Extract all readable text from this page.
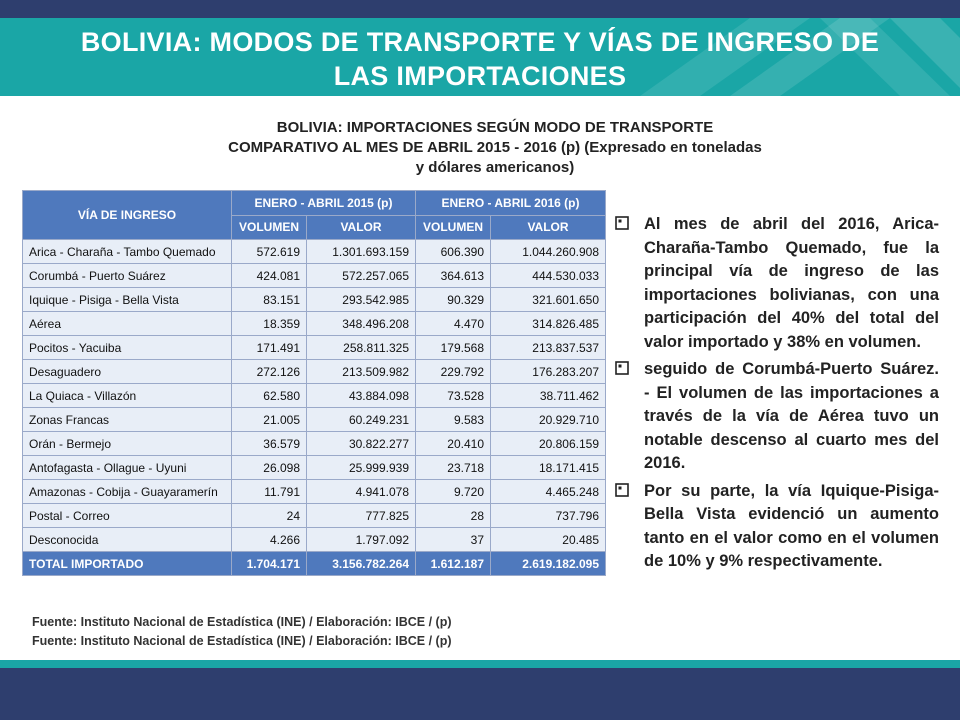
BOLIVIA: MODOS DE TRANSPORTE Y VÍAS DE INGRESO DE
LAS IMPORTACIONES
BOLIVIA: IMPORTACIONES SEGÚN MODO DE TRANSPORTE
COMPARATIVO AL MES DE ABRIL 2015 - 2016 (p) (Expresado en toneladas
y dólares americanos)
VÍA DE INGRESO	ENERO - ABRIL 2015 (p)		ENERO - ABRIL 2016 (p)	
	VOLUMEN	VALOR	VOLUMEN	VALOR
Arica - Charaña - Tambo Quemado	572.619	1.301.693.159	606.390	1.044.260.908
Corumbá - Puerto Suárez	424.081	572.257.065	364.613	444.530.033
Iquique - Pisiga - Bella Vista	83.151	293.542.985	90.329	321.601.650
Aérea	18.359	348.496.208	4.470	314.826.485
Pocitos - Yacuiba	171.491	258.811.325	179.568	213.837.537
Desaguadero	272.126	213.509.982	229.792	176.283.207
La Quiaca - Villazón	62.580	43.884.098	73.528	38.711.462
Zonas Francas	21.005	60.249.231	9.583	20.929.710
Orán - Bermejo	36.579	30.822.277	20.410	20.806.159
Antofagasta - Ollague - Uyuni	26.098	25.999.939	23.718	18.171.415
Amazonas - Cobija - Guayaramerín	11.791	4.941.078	9.720	4.465.248
Postal - Correo	24	777.825	28	737.796
Desconocida	4.266	1.797.092	37	20.485
TOTAL IMPORTADO	1.704.171	3.156.782.264	1.612.187	2.619.182.095
Fuente: Instituto Nacional de Estadística (INE) / Elaboración: IBCE / (p)
Fuente: Instituto Nacional de Estadística (INE) / Elaboración: IBCE / (p)
Al mes de abril del 2016, Arica-Charaña-Tambo Quemado, fue la principal vía de ingreso de las importaciones bolivianas, con una participación del 40% del total del valor importado y 38% en volumen.
seguido de Corumbá-Puerto Suárez. - El volumen de las importaciones a través de la vía de Aérea tuvo un notable descenso al cuarto mes del 2016.
Por su parte, la vía Iquique-Pisiga-Bella Vista evidenció un aumento tanto en el valor como en el volumen de 10% y 9% respectivamente.
